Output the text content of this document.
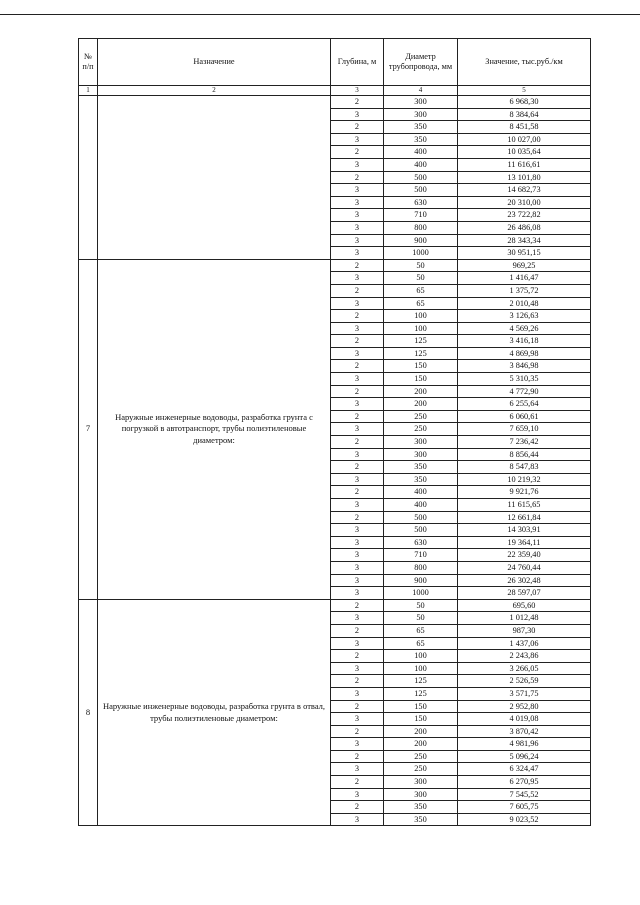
№ п/п	Назначение	Глубина, м	Диаметр трубопровода, мм	Значение, тыс.руб./км
1	2	3	4	5
		2	300	6 968,30
		3	300	8 384,64
		2	350	8 451,58
		3	350	10 027,00
		2	400	10 035,64
		3	400	11 616,61
		2	500	13 101,80
		3	500	14 682,73
		3	630	20 310,00
		3	710	23 722,82
		3	800	26 486,08
		3	900	28 343,34
		3	1000	30 951,15
7	Наружные инженерные водоводы, разработка грунта с погрузкой в автотранспорт, трубы полиэтиленовые диаметром:	2	50	969,25
		3	50	1 416,47
		2	65	1 375,72
		3	65	2 010,48
		2	100	3 126,63
		3	100	4 569,26
		2	125	3 416,18
		3	125	4 869,98
		2	150	3 846,98
		3	150	5 310,35
		2	200	4 772,90
		3	200	6 255,64
		2	250	6 060,61
		3	250	7 659,10
		2	300	7 236,42
		3	300	8 856,44
		2	350	8 547,83
		3	350	10 219,32
		2	400	9 921,76
		3	400	11 615,65
		2	500	12 661,84
		3	500	14 303,91
		3	630	19 364,11
		3	710	22 359,40
		3	800	24 760,44
		3	900	26 302,48
		3	1000	28 597,07
8	Наружные инженерные водоводы, разработка грунта в отвал, трубы полиэтиленовые диаметром:	2	50	695,60
		3	50	1 012,48
		2	65	987,30
		3	65	1 437,06
		2	100	2 243,86
		3	100	3 266,05
		2	125	2 526,59
		3	125	3 571,75
		2	150	2 952,80
		3	150	4 019,08
		2	200	3 870,42
		3	200	4 981,96
		2	250	5 096,24
		3	250	6 324,47
		2	300	6 270,95
		3	300	7 545,52
		2	350	7 605,75
		3	350	9 023,52
